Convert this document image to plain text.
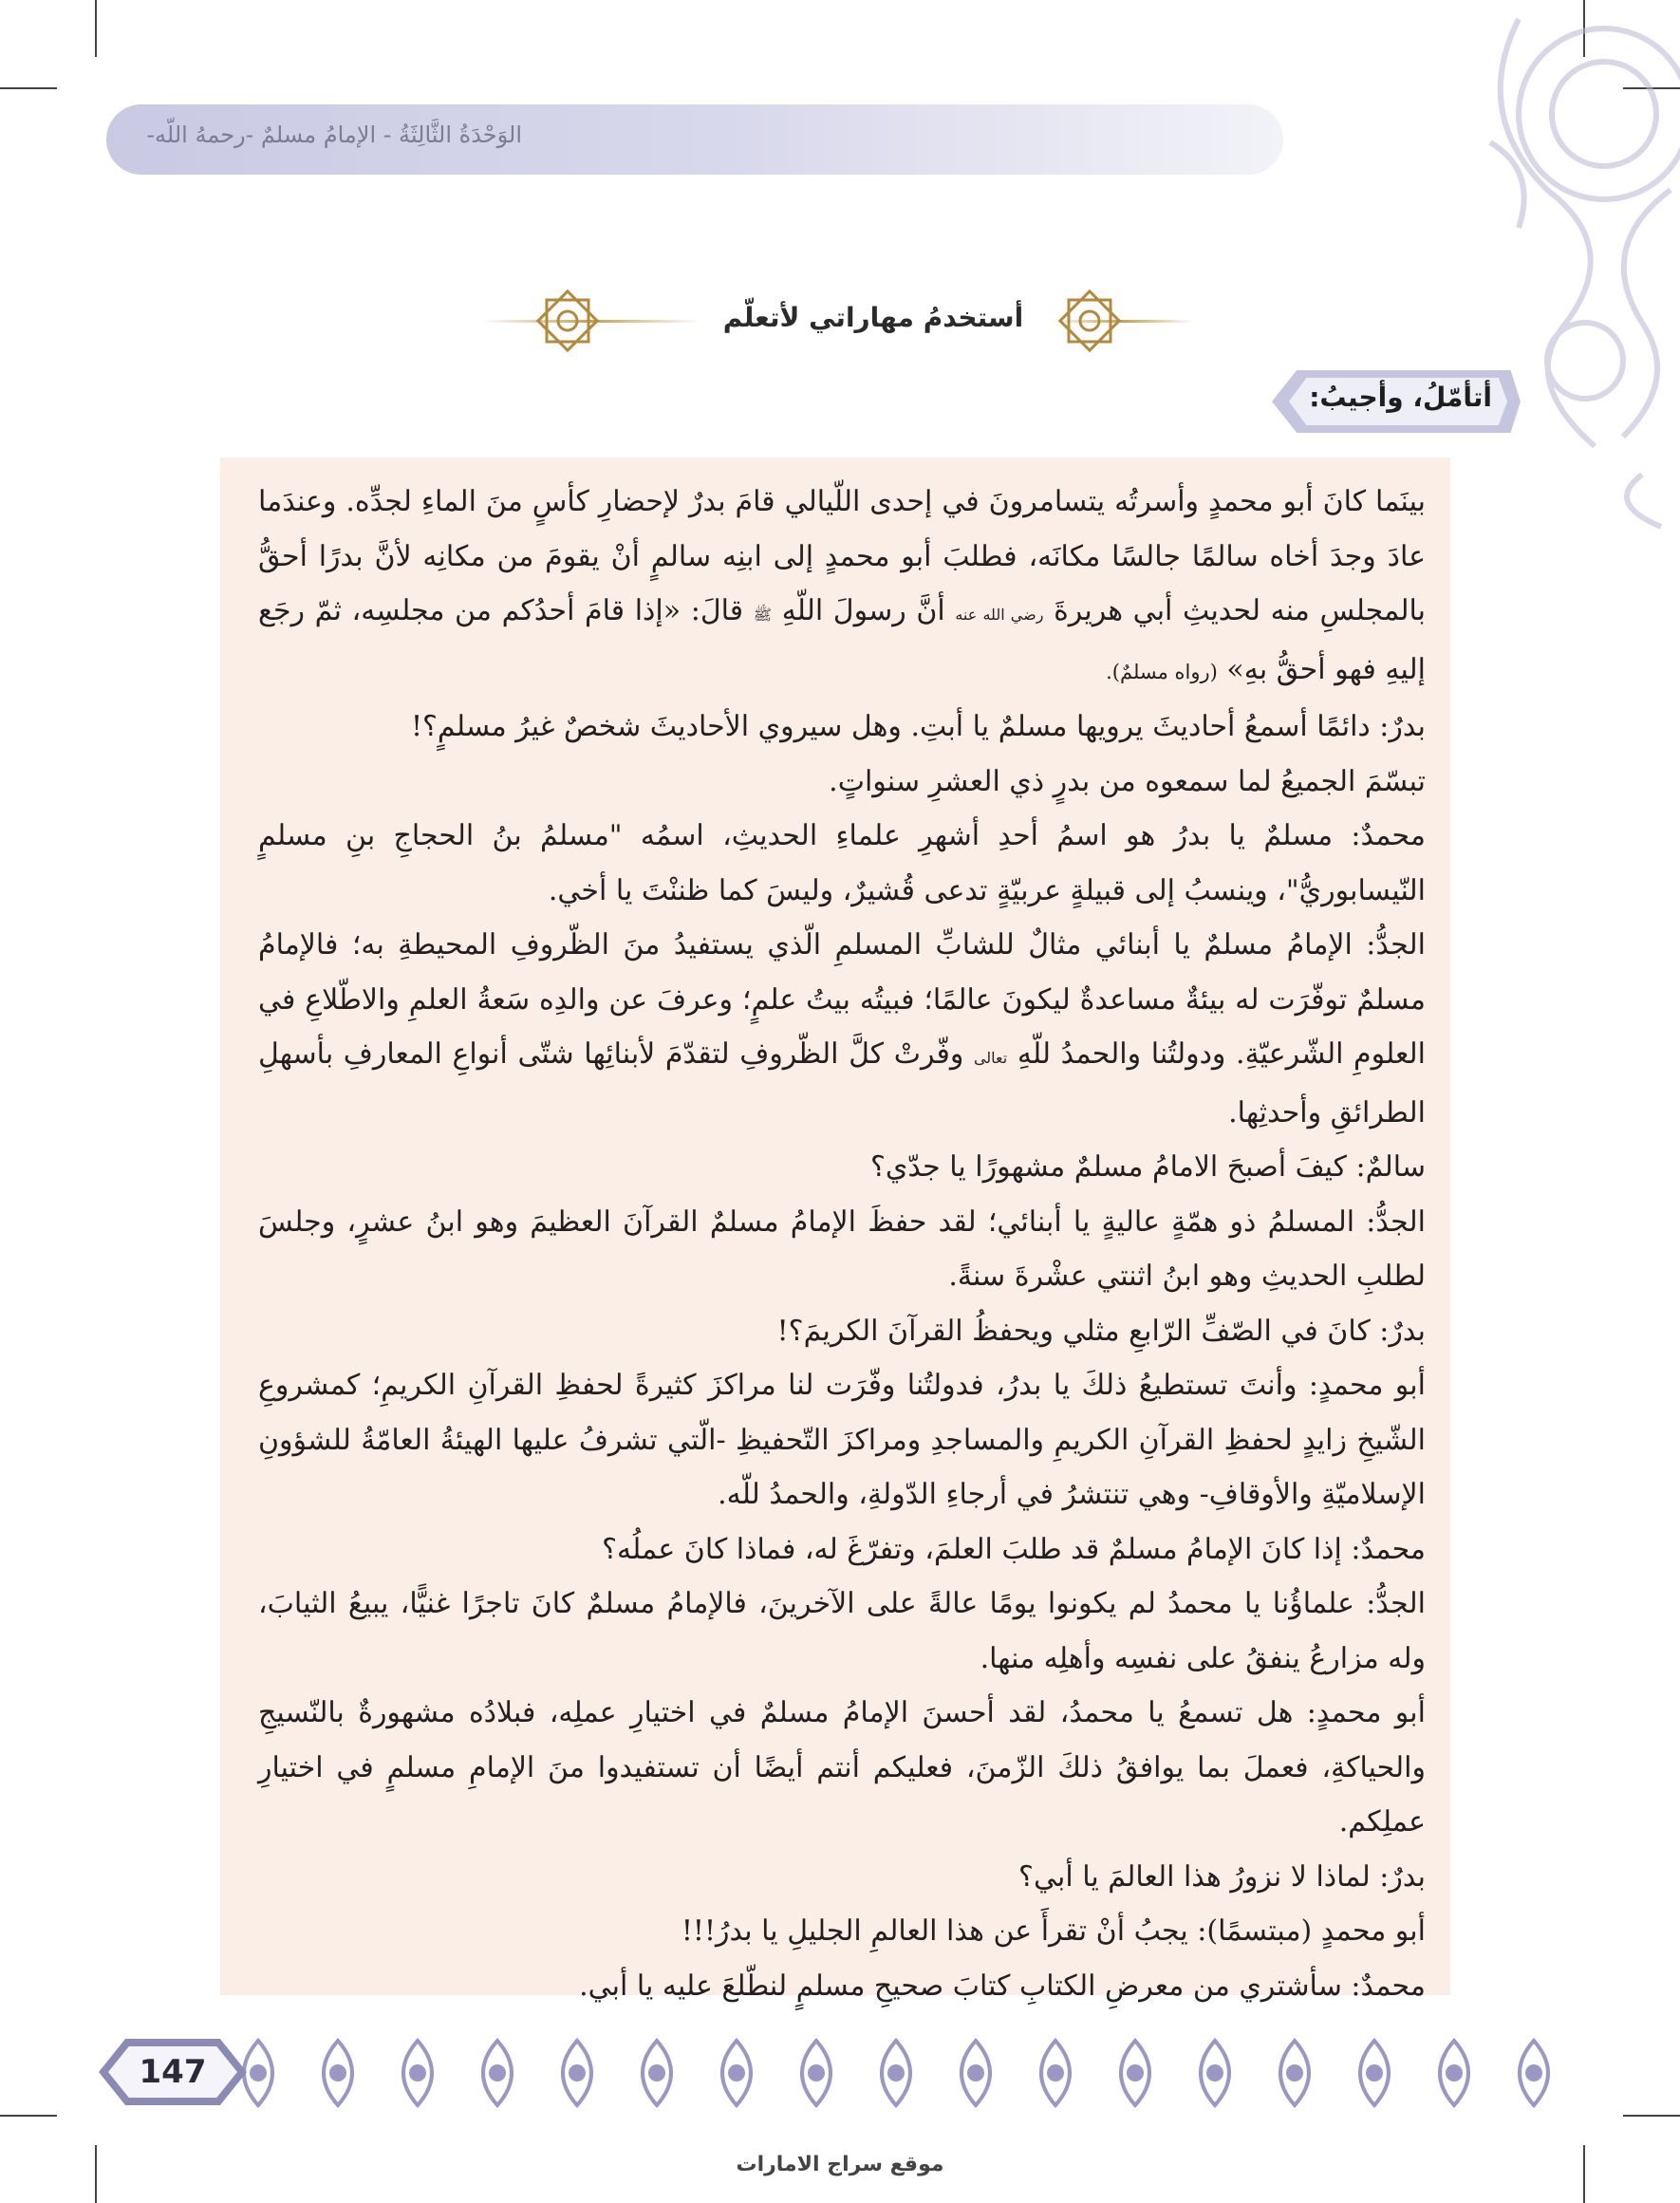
الوَحْدَةُ الثَّالِثَةُ - الإمامُ مسلمٌ -رحمهُ اللّه-
أستخدمُ مهاراتي لأتعلّم
أتأمّلُ، وأجيبُ:

بينَما كانَ أبو محمدٍ وأسرتُه يتسامرونَ في إحدى اللّيالي قامَ بدرٌ لإحضارِ كأسٍ منَ الماءِ لجدِّه. وعندَما عادَ وجدَ أخاه سالمًا جالسًا مكانَه، فطلبَ أبو محمدٍ إلى ابنِه سالمٍ أنْ يقومَ من مكانِه لأنَّ بدرًا أحقُّ بالمجلسِ منه لحديثِ أبي هريرةَ رضي الله عنه أنَّ رسولَ اللّهِ ﷺ قالَ: «إذا قامَ أحدُكم من مجلسِه، ثمّ رجَع إليهِ فهو أحقُّ بهِ» (رواه مسلمٌ).

بدرٌ: دائمًا أسمعُ أحاديثَ يرويها مسلمٌ يا أبتِ. وهل سيروي الأحاديثَ شخصٌ غيرُ مسلمٍ؟!

تبسّمَ الجميعُ لما سمعوه من بدرٍ ذي العشرِ سنواتٍ.

محمدٌ: مسلمٌ يا بدرُ هو اسمُ أحدِ أشهرِ علماءِ الحديثِ، اسمُه "مسلمُ بنُ الحجاجِ بنِ مسلمٍ النّيسابوريُّ"، وينسبُ إلى قبيلةٍ عربيّةٍ تدعى قُشيرٌ، وليسَ كما ظننْتَ يا أخي.

الجدُّ: الإمامُ مسلمٌ يا أبنائي مثالٌ للشابِّ المسلمِ الّذي يستفيدُ منَ الظّروفِ المحيطةِ به؛ فالإمامُ مسلمٌ توفّرَت له بيئةٌ مساعدةٌ ليكونَ عالمًا؛ فبيتُه بيتُ علمٍ؛ وعرفَ عن والدِه سَعةُ العلمِ والاطّلاعِ في العلومِ الشّرعيّةِ. ودولتُنا والحمدُ للّهِ تعالى وفّرتْ كلَّ الظّروفِ لتقدّمَ لأبنائِها شتّى أنواعِ المعارفِ بأسهلِ الطرائقِ وأحدثِها.

سالمٌ: كيفَ أصبحَ الامامُ مسلمٌ مشهورًا يا جدّي؟

الجدُّ: المسلمُ ذو همّةٍ عاليةٍ يا أبنائي؛ لقد حفظَ الإمامُ مسلمٌ القرآنَ العظيمَ وهو ابنُ عشرٍ، وجلسَ لطلبِ الحديثِ وهو ابنُ اثنتي عشْرةَ سنةً.

بدرٌ: كانَ في الصّفِّ الرّابعِ مثلي ويحفظُ القرآنَ الكريمَ؟!

أبو محمدٍ: وأنتَ تستطيعُ ذلكَ يا بدرُ، فدولتُنا وفّرَت لنا مراكزَ كثيرةً لحفظِ القرآنِ الكريمِ؛ كمشروعِ الشّيخِ زايدٍ لحفظِ القرآنِ الكريمِ والمساجدِ ومراكزَ التّحفيظِ -الّتي تشرفُ عليها الهيئةُ العامّةُ للشؤونِ الإسلاميّةِ والأوقافِ- وهي تنتشرُ في أرجاءِ الدّولةِ، والحمدُ للّه.

محمدٌ: إذا كانَ الإمامُ مسلمٌ قد طلبَ العلمَ، وتفرّغَ له، فماذا كانَ عملُه؟

الجدُّ: علماؤُنا يا محمدُ لم يكونوا يومًا عالةً على الآخرينَ، فالإمامُ مسلمٌ كانَ تاجرًا غنيًّا، يبيعُ الثيابَ، وله مزارعُ ينفقُ على نفسِه وأهلِه منها.

أبو محمدٍ: هل تسمعُ يا محمدُ، لقد أحسنَ الإمامُ مسلمٌ في اختيارِ عملِه، فبلادُه مشهورةٌ بالنّسيجِ والحياكةِ، فعملَ بما يوافقُ ذلكَ الزّمنَ، فعليكم أنتم أيضًا أن تستفيدوا منَ الإمامِ مسلمٍ في اختيارِ عملِكم.

بدرٌ: لماذا لا نزورُ هذا العالمَ يا أبي؟

أبو محمدٍ (مبتسمًا): يجبُ أنْ تقرأَ عن هذا العالمِ الجليلِ يا بدرُ!!!

محمدٌ: سأشتري من معرضِ الكتابِ كتابَ صحيحِ مسلمٍ لنطّلعَ عليه يا أبي.

147
موقع سراج الامارات
